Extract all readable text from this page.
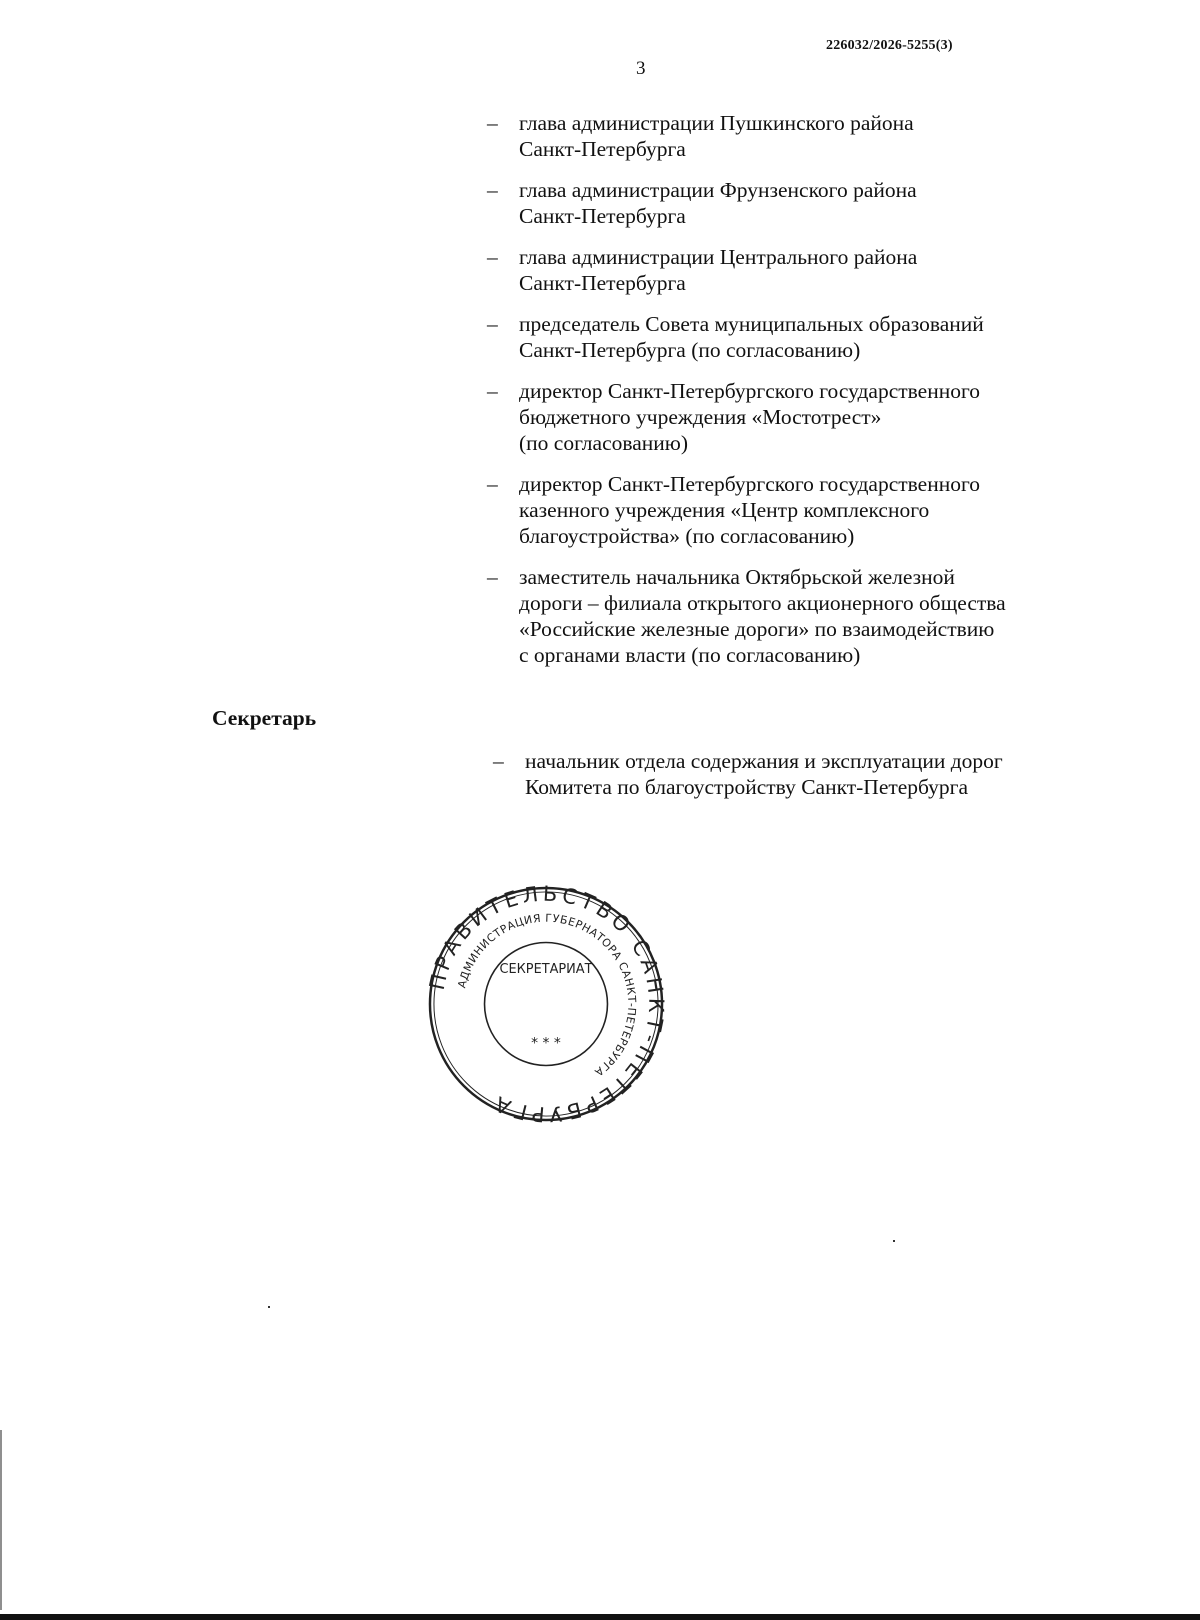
226032/2026-5255(3)
3
– глава администрации Пушкинского района
Санкт-Петербурга
– глава администрации Фрунзенского района
Санкт-Петербурга
– глава администрации Центрального района
Санкт-Петербурга
– председатель Совета муниципальных образований
Санкт-Петербурга (по согласованию)
– директор Санкт-Петербургского государственного
бюджетного учреждения «Мостотрест»
(по согласованию)
– директор Санкт-Петербургского государственного
казенного учреждения «Центр комплексного
благоустройства» (по согласованию)
– заместитель начальника Октябрьской железной
дороги – филиала открытого акционерного общества
«Российские железные дороги» по взаимодействию
с органами власти (по согласованию)
Секретарь
– начальник отдела содержания и эксплуатации дорог
Комитета по благоустройству Санкт-Петербурга
ПРАВИТЕЛЬСТВО СА Т-ПЕТЕРБУРГА
АДМИНИСТРАЦИЯ ГУБЕРНАТОРА САНКТ-ПЕТЕРБУРГА
СЕКРЕТАРИАТ
* * *
